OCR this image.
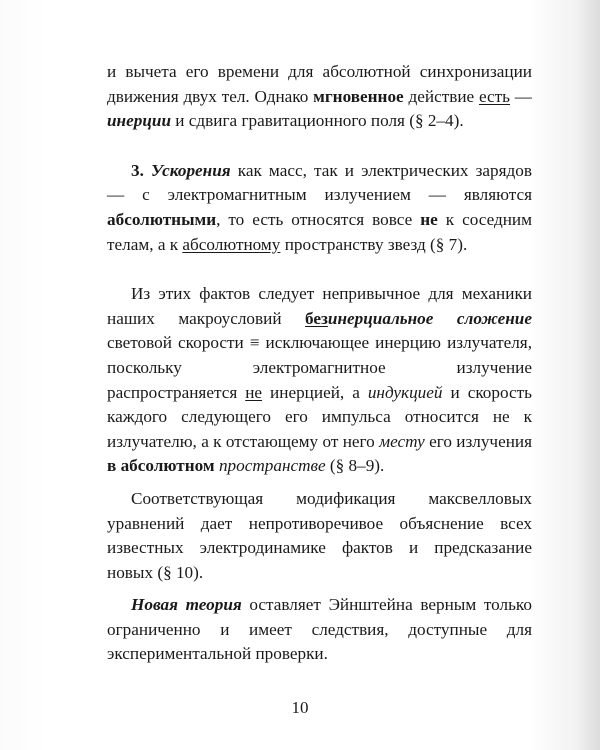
и вычета его времени для абсолютной синхронизации движения двух тел. Однако мгновенное действие есть — инерции и сдвига гравитационного поля (§ 2–4).

3. Ускорения как масс, так и электрических зарядов — с электромагнитным излучением — являются абсолютными, то есть относятся вовсе не к соседним телам, а к абсолютному пространству звезд (§ 7).

Из этих фактов следует непривычное для механики наших макроусловий безинерциальное сложение световой скорости ≡ исключающее инерцию излучателя, поскольку электромагнитное излучение распространяется не инерцией, а индукцией и скорость каждого следующего его импульса относится не к излучателю, а к отстающему от него месту его излучения в абсолютном пространстве (§ 8–9).

Соответствующая модификация максвелловых уравнений дает непротиворечивое объяснение всех известных электродинамике фактов и предсказание новых (§ 10).

Новая теория оставляет Эйнштейна верным только ограниченно и имеет следствия, доступные для экспериментальной проверки.

10
